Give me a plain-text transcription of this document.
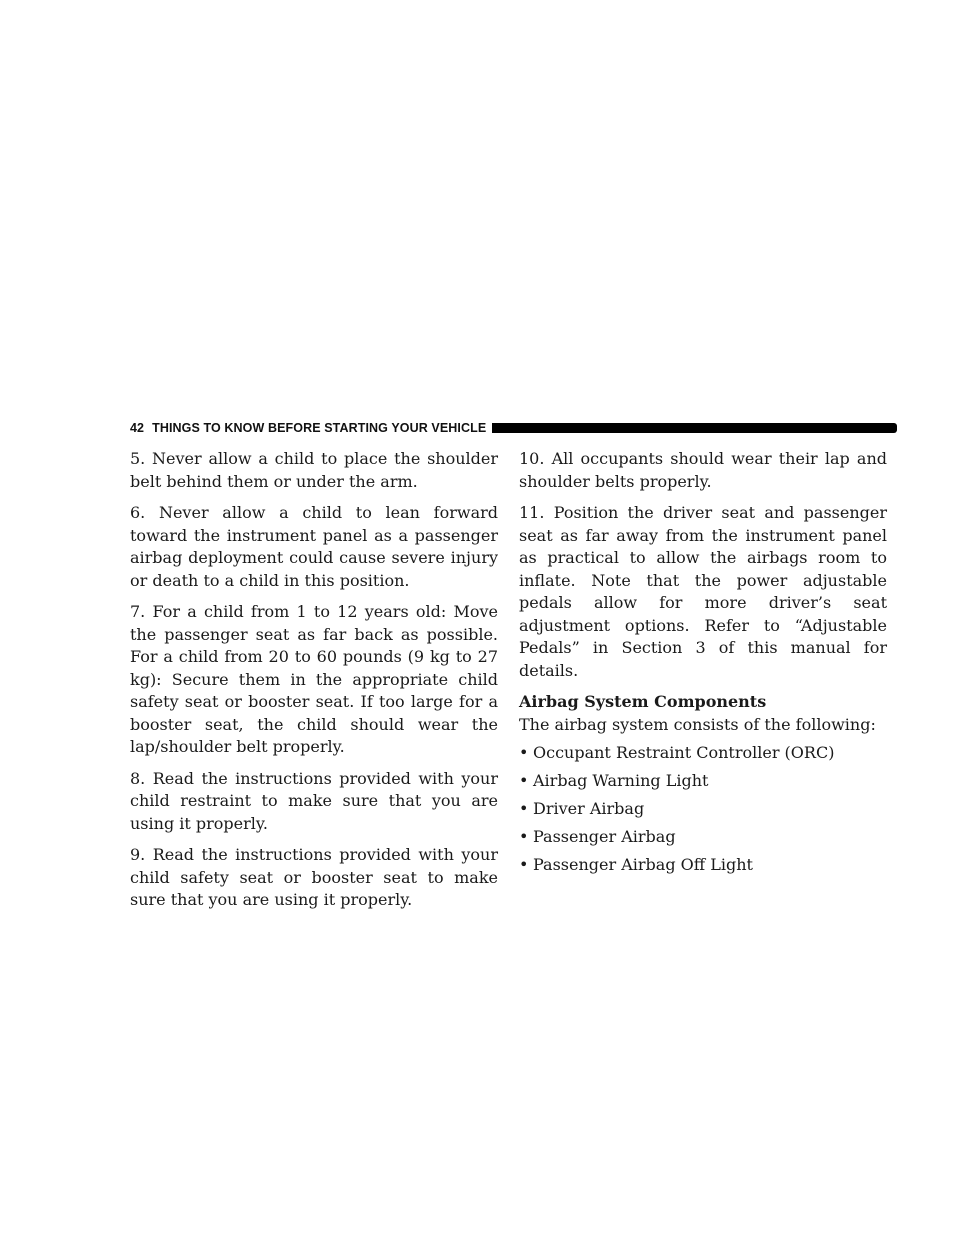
42 THINGS TO KNOW BEFORE STARTING YOUR VEHICLE

5. Never allow a child to place the shoulder belt behind them or under the arm.

6. Never allow a child to lean forward toward the instrument panel as a passenger airbag deployment could cause severe injury or death to a child in this position.

7. For a child from 1 to 12 years old: Move the passenger seat as far back as possible. For a child from 20 to 60 pounds (9 kg to 27 kg): Secure them in the appropriate child safety seat or booster seat. If too large for a booster seat, the child should wear the lap/shoulder belt properly.

8. Read the instructions provided with your child restraint to make sure that you are using it properly.

9. Read the instructions provided with your child safety seat or booster seat to make sure that you are using it properly.

10. All occupants should wear their lap and shoulder belts properly.

11. Position the driver seat and passenger seat as far away from the instrument panel as practical to allow the airbags room to inflate. Note that the power adjustable pedals allow for more driver’s seat adjustment options. Refer to “Adjustable Pedals” in Section 3 of this manual for details.

Airbag System Components

The airbag system consists of the following:

• Occupant Restraint Controller (ORC)
• Airbag Warning Light
• Driver Airbag
• Passenger Airbag
• Passenger Airbag Off Light
